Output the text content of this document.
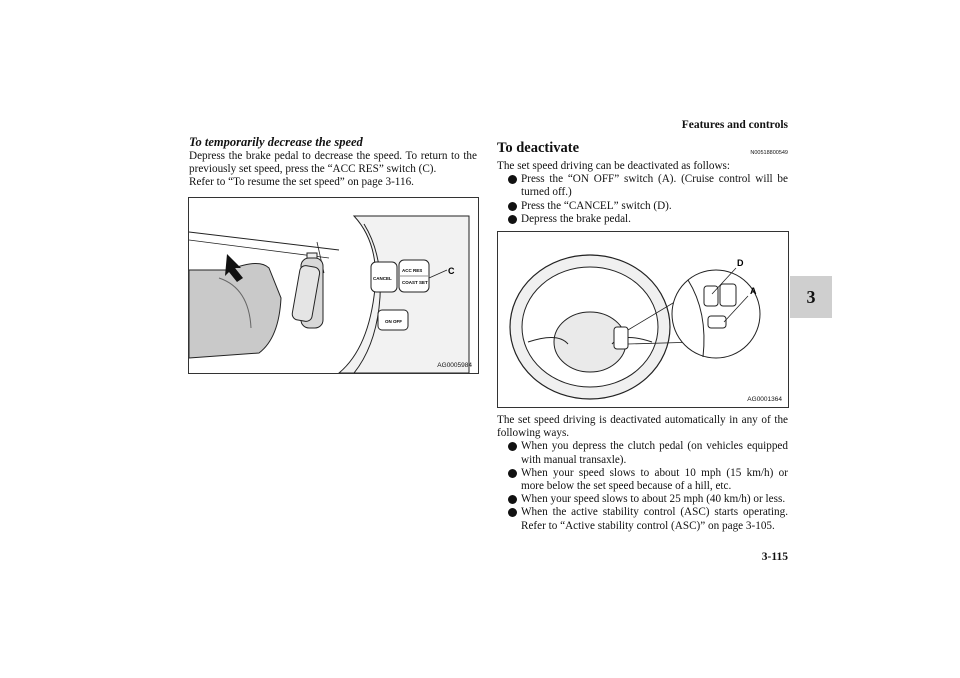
Features and controls
3
To temporarily decrease the speed
Depress the brake pedal to decrease the speed. To return to the previously set speed, press the “ACC RES” switch (C).
Refer to “To resume the set speed” on page 3-116.
CANCEL
ACC RES
COAST SET
ON OFF
C
AG0005984
To deactivate	N00518800549
The set speed driving can be deactivated as follows:
Press the “ON OFF” switch (A). (Cruise control will be turned off.)
Press the “CANCEL” switch (D).
Depress the brake pedal.
D
A
AG0001364
The set speed driving is deactivated automatically in any of the following ways.
When you depress the clutch pedal (on vehicles equipped with manual transaxle).
When your speed slows to about 10 mph (15 km/h) or more below the set speed because of a hill, etc.
When your speed slows to about 25 mph (40 km/h) or less.
When the active stability control (ASC) starts operating. Refer to “Active stability control (ASC)” on page 3-105.
3-115
